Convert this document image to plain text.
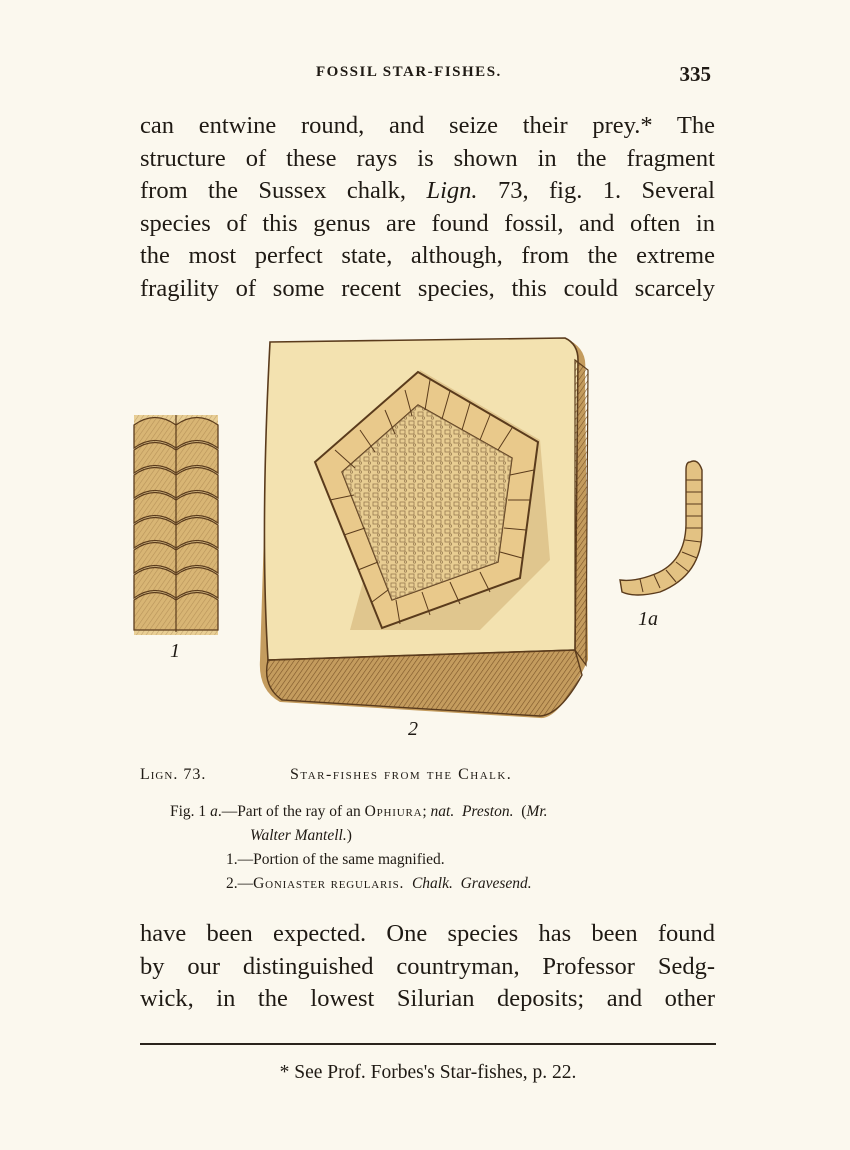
FOSSIL STAR-FISHES.	335
can entwine round, and seize their prey.* The
structure of these rays is shown in the fragment
from the Sussex chalk, Lign. 73, fig. 1. Several
species of this genus are found fossil, and often in
the most perfect state, although, from the extreme
fragility of some recent species, this could scarcely
1
1a
2
Lign. 73.	Star-fishes from the Chalk.
Fig. 1 a.—Part of the ray of an Ophiura; nat. Preston. (Mr.
Walter Mantell.)
1.—Portion of the same magnified.
2.—Goniaster regularis. Chalk. Gravesend.
have been expected. One species has been found
by our distinguished countryman, Professor Sedg-
wick, in the lowest Silurian deposits; and other
* See Prof. Forbes's Star-fishes, p. 22.
